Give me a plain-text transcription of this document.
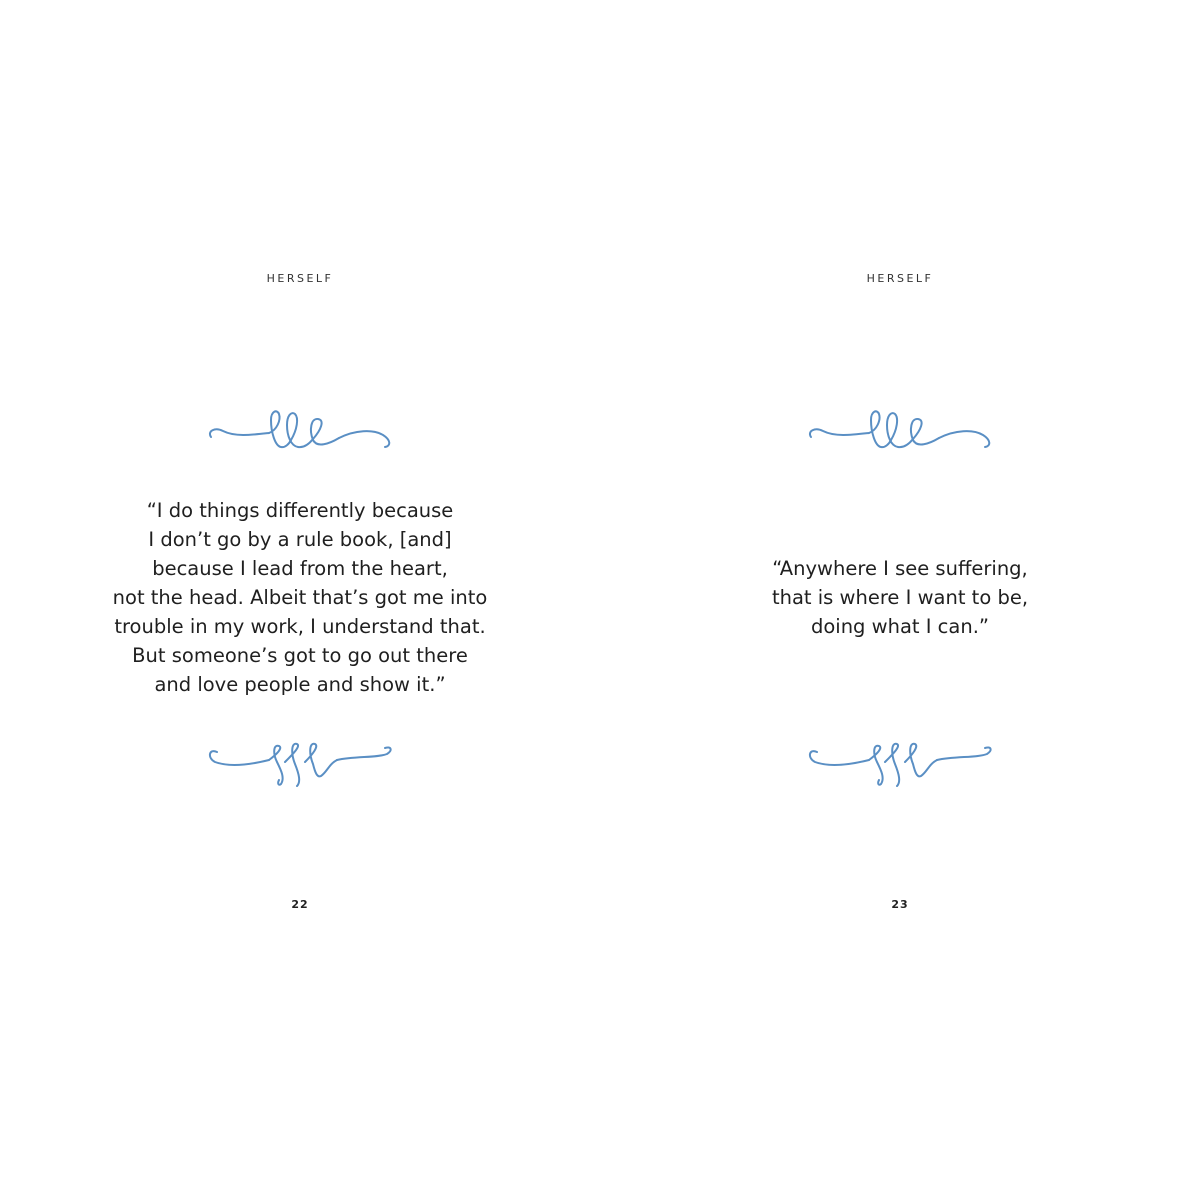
HERSELF
“I do things differently because
I don’t go by a rule book, [and]
because I lead from the heart,
not the head. Albeit that’s got me into
trouble in my work, I understand that.
But someone’s got to go out there
and love people and show it.”
22
HERSELF
“Anywhere I see suffering,
that is where I want to be,
doing what I can.”
23
